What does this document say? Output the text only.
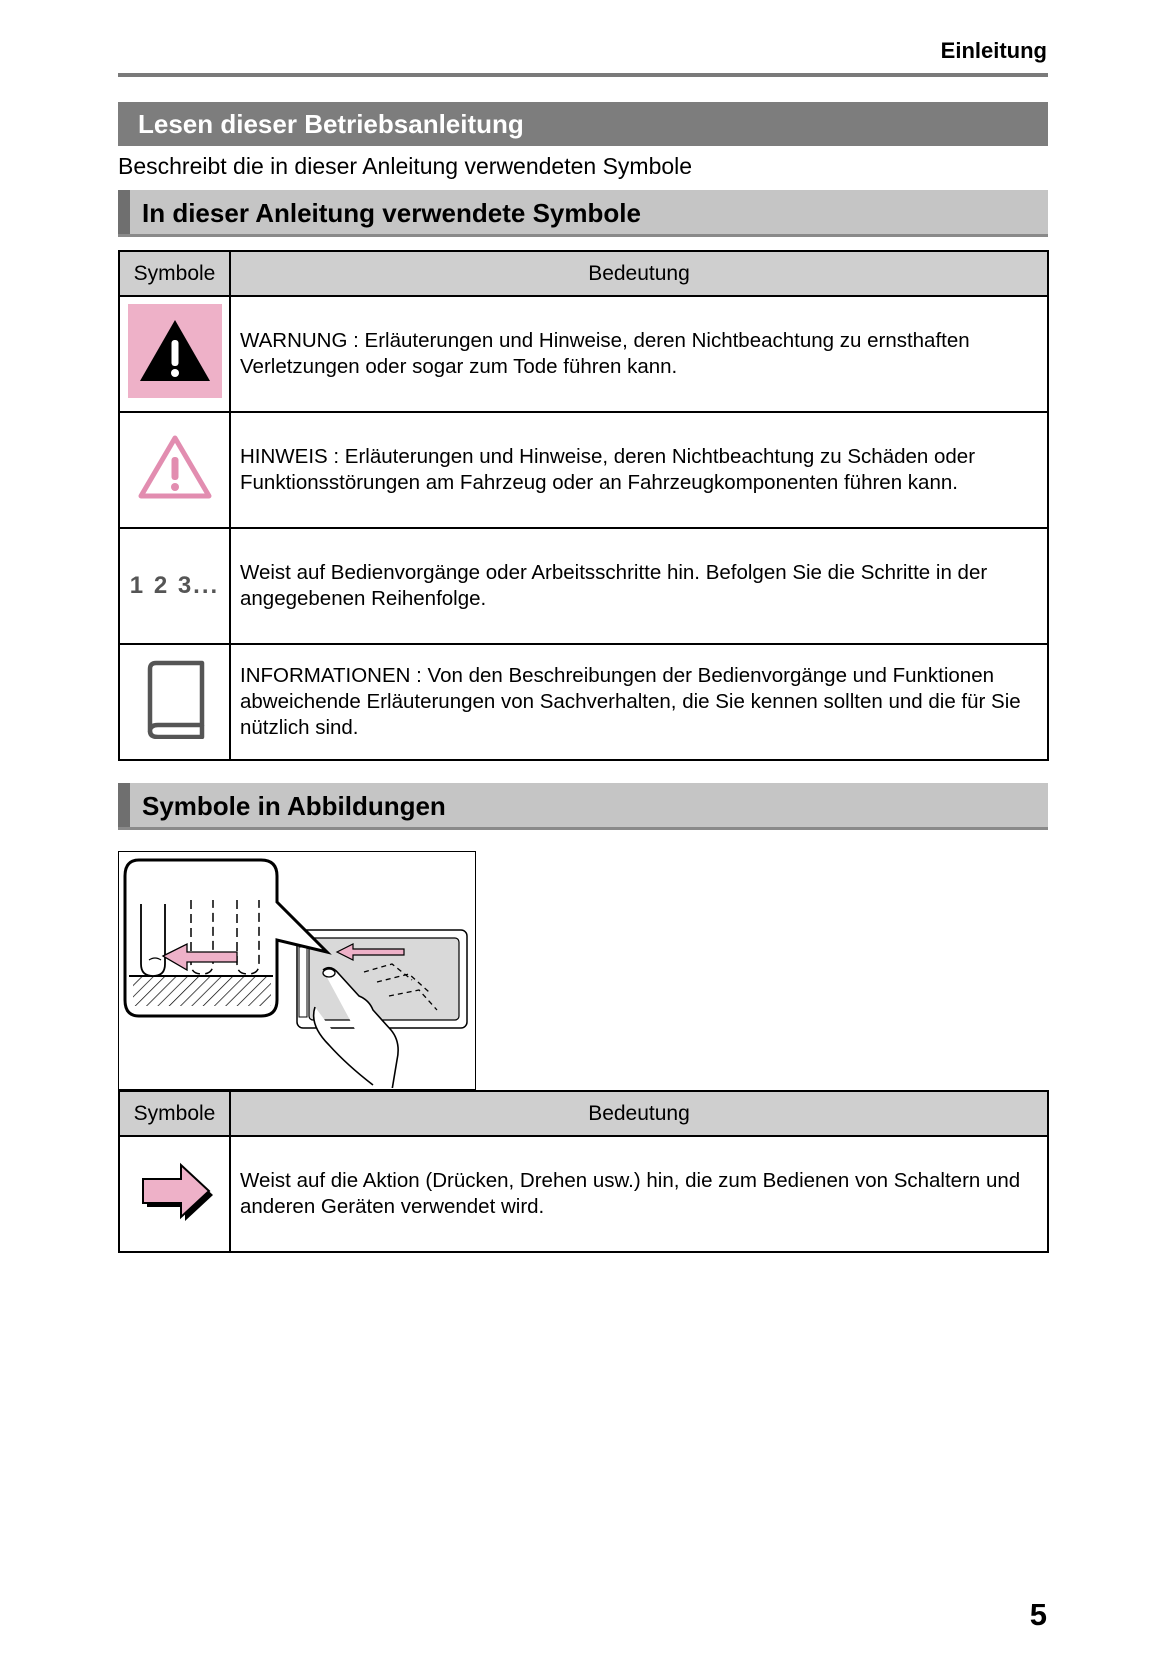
Einleitung
Lesen dieser Betriebsanleitung
Beschreibt die in dieser Anleitung verwendeten Symbole
In dieser Anleitung verwendete Symbole
Symbole	Bedeutung
	WARNUNG : Erläuterungen und Hinweise, deren Nichtbeachtung zu ernsthaften Verletzungen oder sogar zum Tode führen kann.
	HINWEIS : Erläuterungen und Hinweise, deren Nichtbeachtung zu Schäden oder Funktionsstörungen am Fahrzeug oder an Fahrzeugkomponenten führen kann.
1 2 3...	Weist auf Bedienvorgänge oder Arbeitsschritte hin. Befolgen Sie die Schritte in der angegebenen Reihenfolge.
	INFORMATIONEN : Von den Beschreibungen der Bedienvorgänge und Funktionen abweichende Erläuterungen von Sachverhalten, die Sie kennen sollten und die für Sie nützlich sind.
Symbole in Abbildungen
Symbole	Bedeutung
	Weist auf die Aktion (Drücken, Drehen usw.) hin, die zum Bedienen von Schaltern und anderen Geräten verwendet wird.
5
